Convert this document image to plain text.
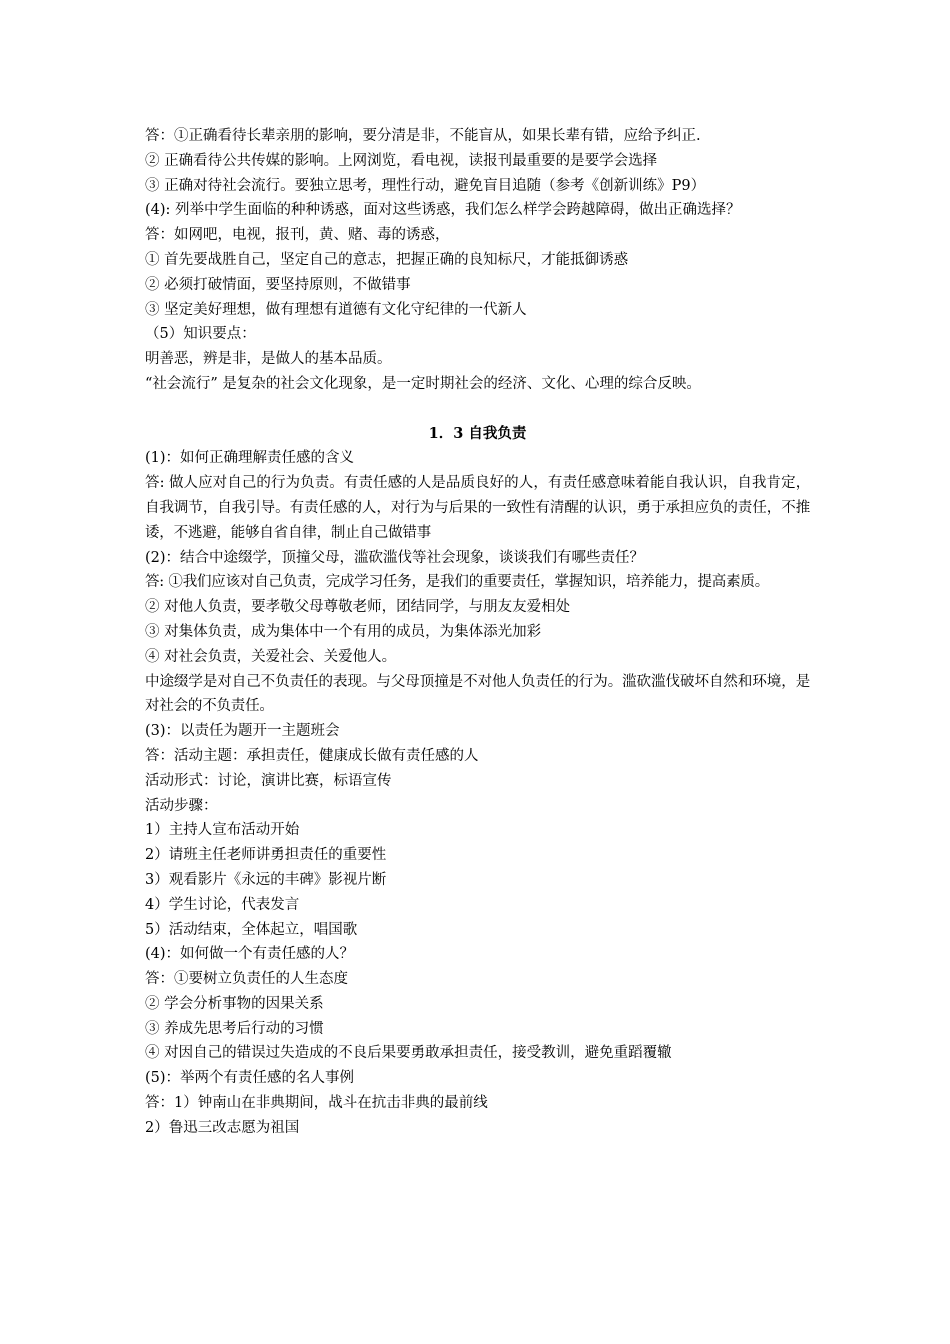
答：①正确看待长辈亲朋的影响，要分清是非，不能盲从，如果长辈有错，应给予纠正.
② 正确看待公共传媒的影响。上网浏览，看电视，读报刊最重要的是要学会选择
③ 正确对待社会流行。要独立思考，理性行动，避免盲目追随（参考《创新训练》P9）
(4): 列举中学生面临的种种诱惑，面对这些诱惑，我们怎么样学会跨越障碍，做出正确选择？
答：如网吧，电视，报刊，黄、赌、毒的诱惑，
① 首先要战胜自己，坚定自己的意志，把握正确的良知标尺，才能抵御诱惑
② 必须打破情面，要坚持原则，不做错事
③ 坚定美好理想，做有理想有道德有文化守纪律的一代新人
（5）知识要点：
明善恶，辨是非，是做人的基本品质。
“社会流行” 是复杂的社会文化现象，是一定时期社会的经济、文化、心理的综合反映。
1．3 自我负责
(1)：如何正确理解责任感的含义
答: 做人应对自己的行为负责。有责任感的人是品质良好的人，有责任感意味着能自我认识，自我肯定，自我调节，自我引导。有责任感的人，对行为与后果的一致性有清醒的认识，勇于承担应负的责任，不推诿，不逃避，能够自省自律，制止自己做错事
(2)：结合中途缀学，顶撞父母，滥砍滥伐等社会现象，谈谈我们有哪些责任？
答: ①我们应该对自己负责，完成学习任务，是我们的重要责任，掌握知识，培养能力，提高素质。
② 对他人负责，要孝敬父母尊敬老师，团结同学，与朋友友爱相处
③ 对集体负责，成为集体中一个有用的成员，为集体添光加彩
④ 对社会负责，关爱社会、关爱他人。
中途缀学是对自己不负责任的表现。与父母顶撞是不对他人负责任的行为。滥砍滥伐破坏自然和环境，是对社会的不负责任。
(3)：以责任为题开一主题班会
答：活动主题：承担责任，健康成长做有责任感的人
活动形式：讨论，演讲比赛，标语宣传
活动步骤：
1）主持人宣布活动开始
2）请班主任老师讲勇担责任的重要性
3）观看影片《永远的丰碑》影视片断
4）学生讨论，代表发言
5）活动结束，全体起立，唱国歌
(4)：如何做一个有责任感的人？
答：①要树立负责任的人生态度
② 学会分析事物的因果关系
③ 养成先思考后行动的习惯
④ 对因自己的错误过失造成的不良后果要勇敢承担责任，接受教训，避免重蹈覆辙
(5)：举两个有责任感的名人事例
答：1）钟南山在非典期间，战斗在抗击非典的最前线
2）鲁迅三改志愿为祖国
